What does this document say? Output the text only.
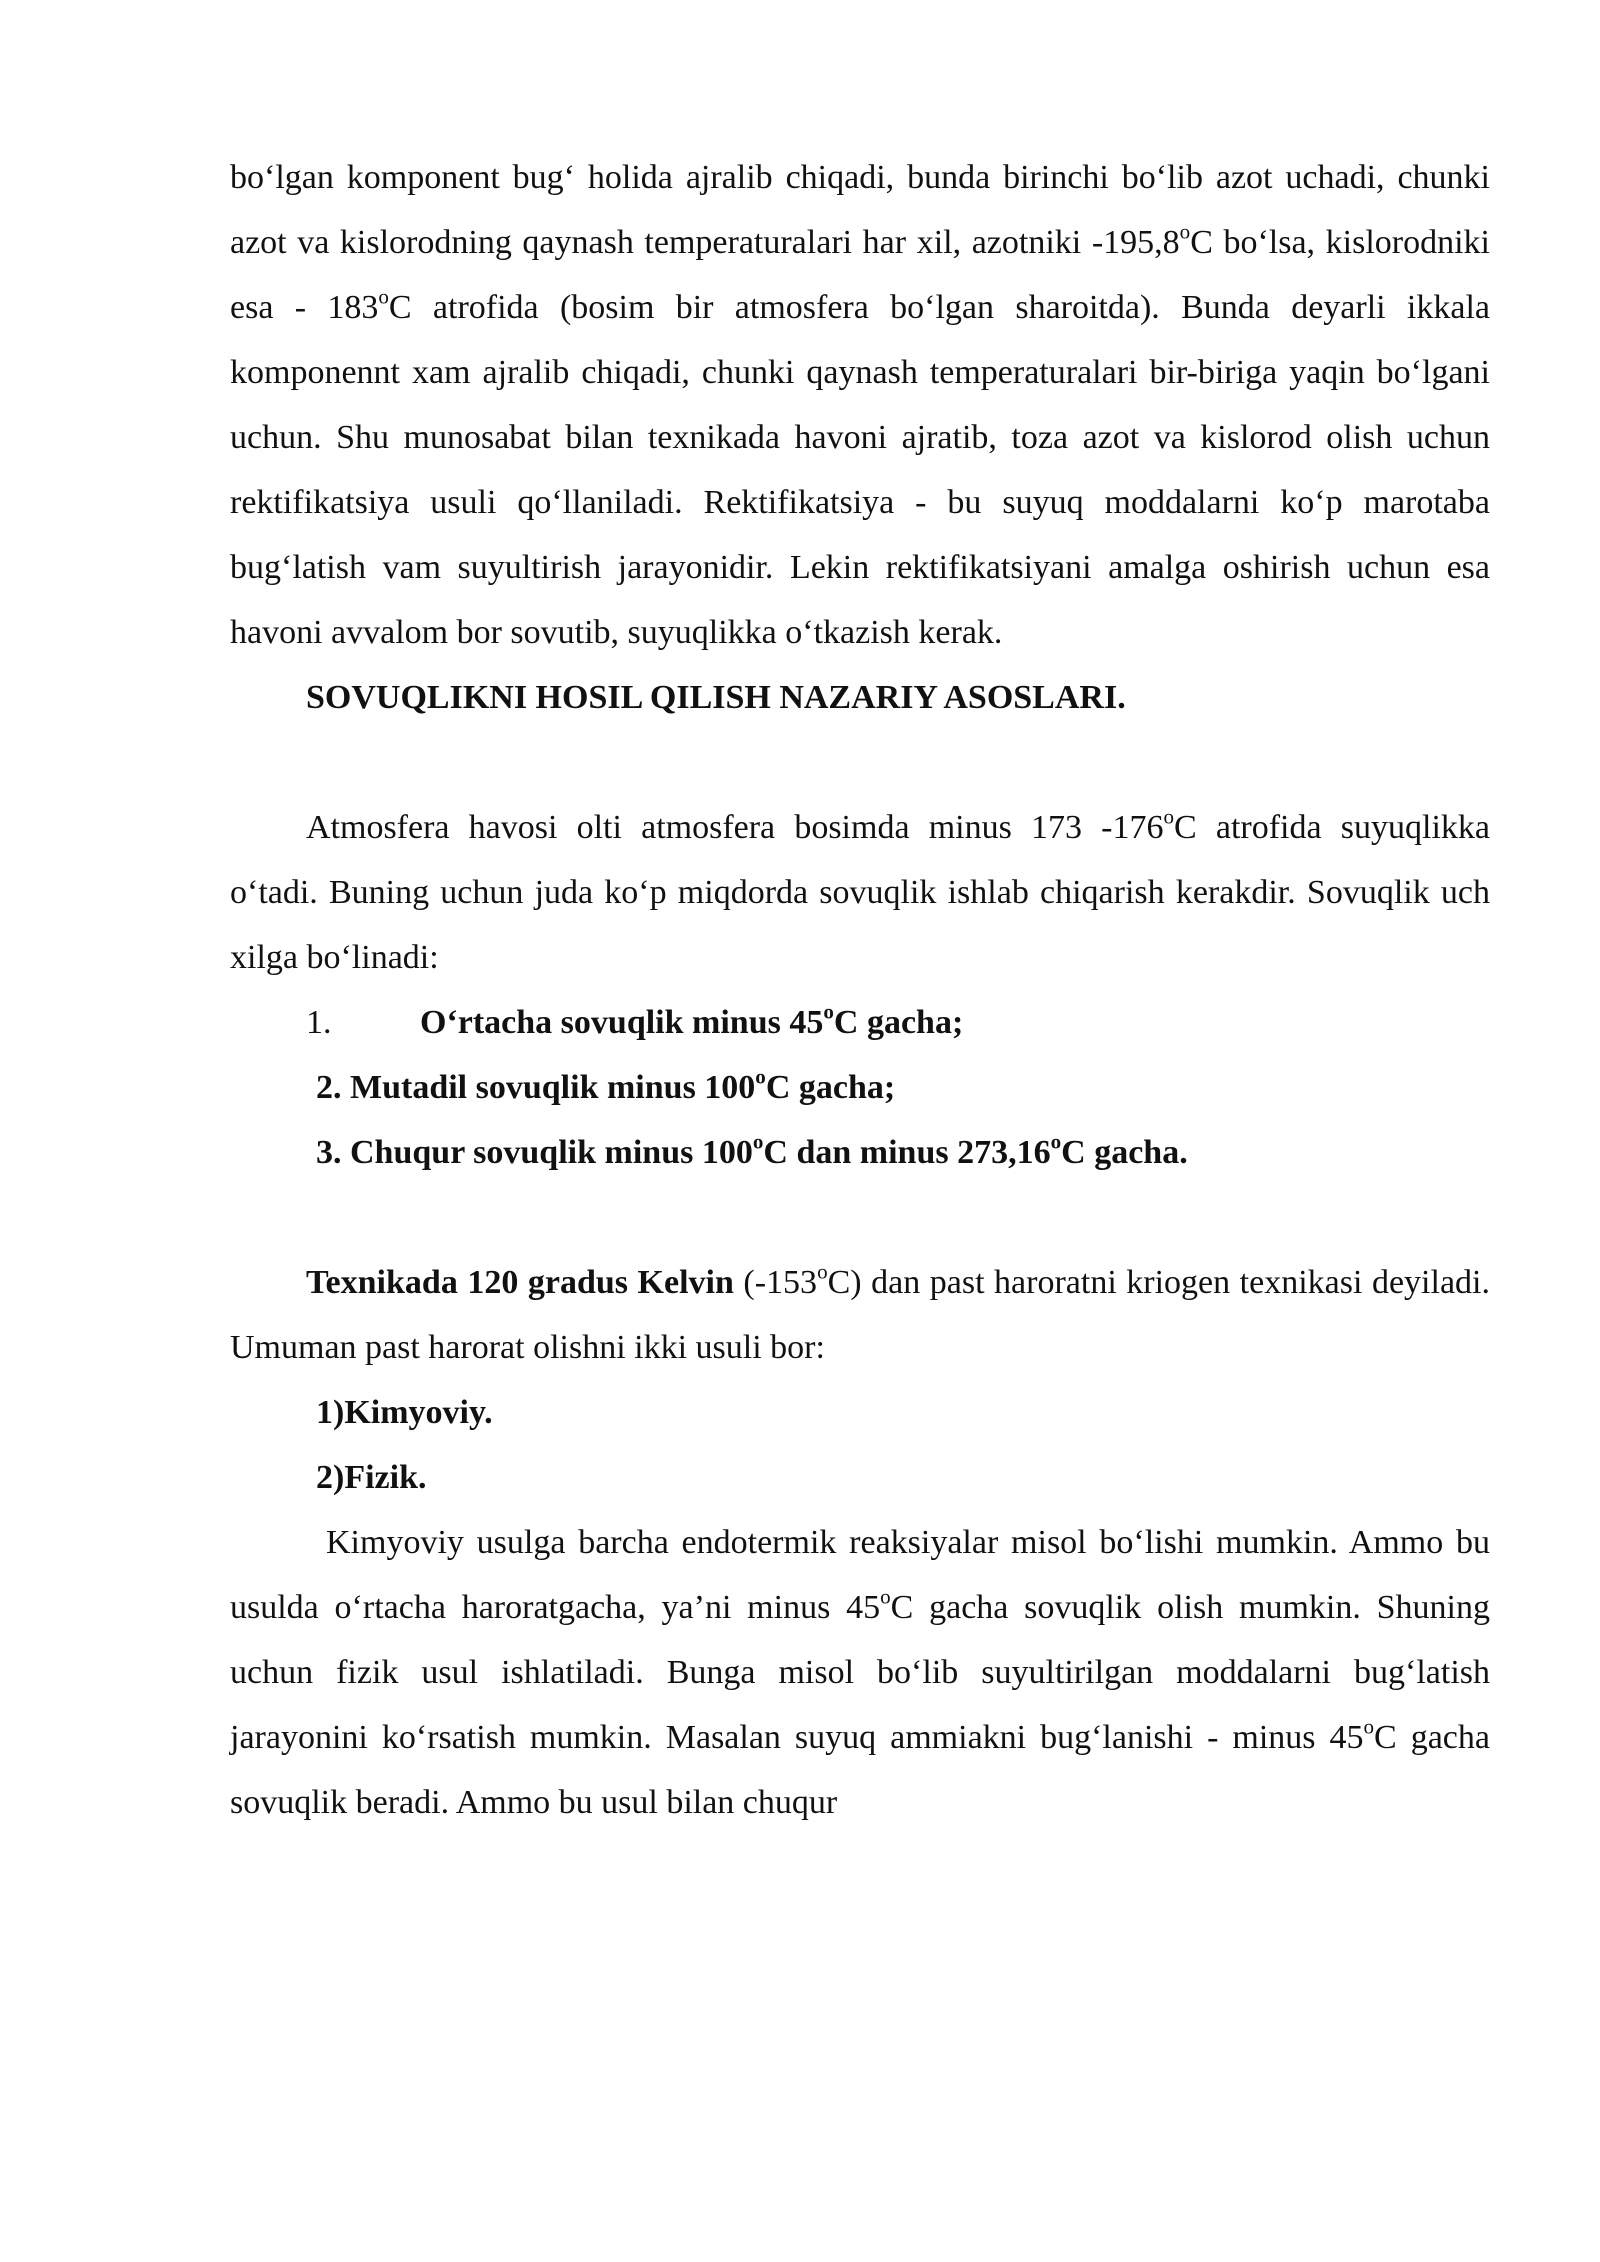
bo‘lgan komponent bug‘ holida ajralib chiqadi, bunda birinchi bo‘lib azot uchadi, chunki azot va kislorodning qaynash temperaturalari har xil, azotniki -195,8$^o$C bo‘lsa, kislorodniki esa - 183$^o$C atrofida (bosim bir atmosfera bo‘lgan sharoitda). Bunda deyarli ikkala komponennt xam ajralib chiqadi, chunki qaynash temperaturalari bir-biriga yaqin bo‘lgani uchun. Shu munosabat bilan texnikada havoni ajratib, toza azot va kislorod olish uchun rektifikatsiya usuli qo‘llaniladi. Rektifikatsiya - bu suyuq moddalarni ko‘p marotaba bug‘latish vam suyultirish jarayonidir. Lekin rektifikatsiyani amalga oshirish uchun esa havoni avvalom bor sovutib, suyuqlikka o‘tkazish kerak.

SOVUQLIKNI HOSIL QILISH NAZARIY ASOSLARI.

Atmosfera havosi olti atmosfera bosimda minus 173 -176$^o$C atrofida suyuqlikka o‘tadi. Buning uchun juda ko‘p miqdorda sovuqlik ishlab chiqarish kerakdir. Sovuqlik uch xilga bo‘linadi:

1.	O‘rtacha sovuqlik minus 45$^o$C gacha;
2. Mutadil sovuqlik minus 100$^o$C gacha;
3. Chuqur sovuqlik minus 100$^o$C dan minus 273,16$^o$C gacha.

Texnikada 120 gradus Kelvin (-153$^o$C) dan past haroratni kriogen texnikasi deyiladi. Umuman past harorat olishni ikki usuli bor:

1)Kimyoviy.

2)Fizik.

Kimyoviy usulga barcha endotermik reaksiyalar misol bo‘lishi mumkin. Ammo bu usulda o‘rtacha haroratgacha, ya’ni minus 45$^o$C gacha sovuqlik olish mumkin. Shuning uchun fizik usul ishlatiladi. Bunga misol bo‘lib suyultirilgan moddalarni bug‘latish jarayonini ko‘rsatish mumkin. Masalan suyuq ammiakni bug‘lanishi - minus 45$^o$C gacha sovuqlik beradi. Ammo bu usul bilan chuqur
